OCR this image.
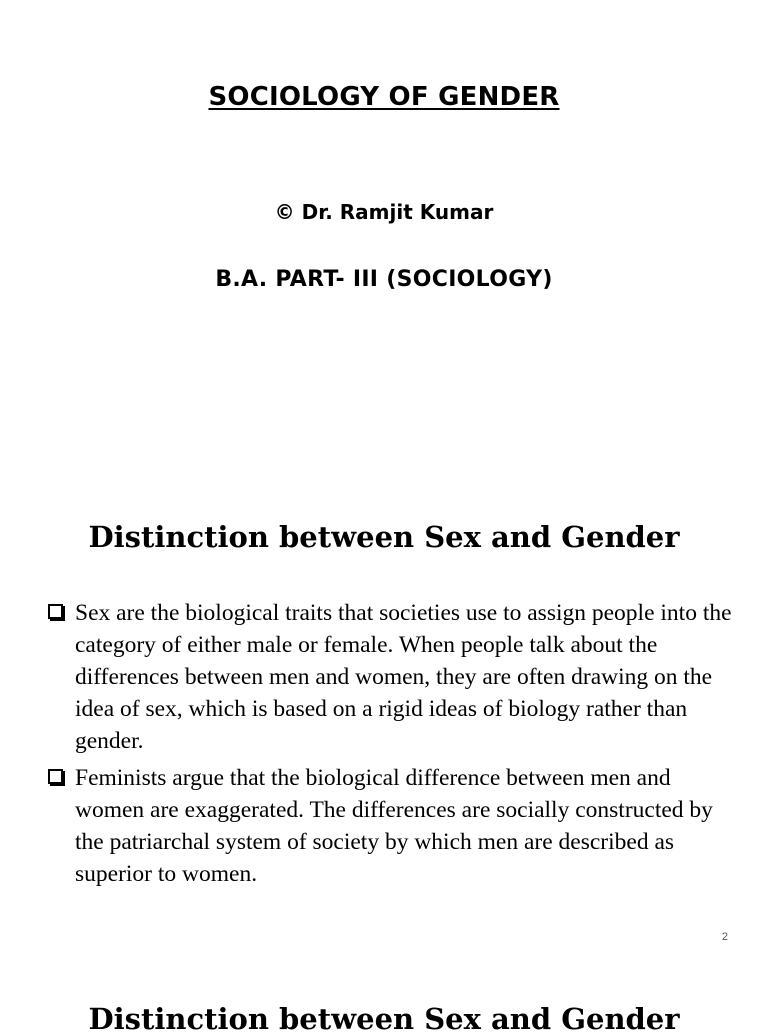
SOCIOLOGY OF GENDER
© Dr. Ramjit Kumar
B.A. PART- III (SOCIOLOGY)
Distinction between Sex and Gender
Sex are the biological traits that societies use to assign people into the category of either male or female. When people talk about the differences between men and women, they are often drawing on the idea of sex, which is based on a rigid ideas of biology rather than gender.
Feminists argue that the biological difference between men and women are exaggerated. The differences are socially constructed by the patriarchal system of society by which men are described as superior to women.
2
Distinction between Sex and Gender
